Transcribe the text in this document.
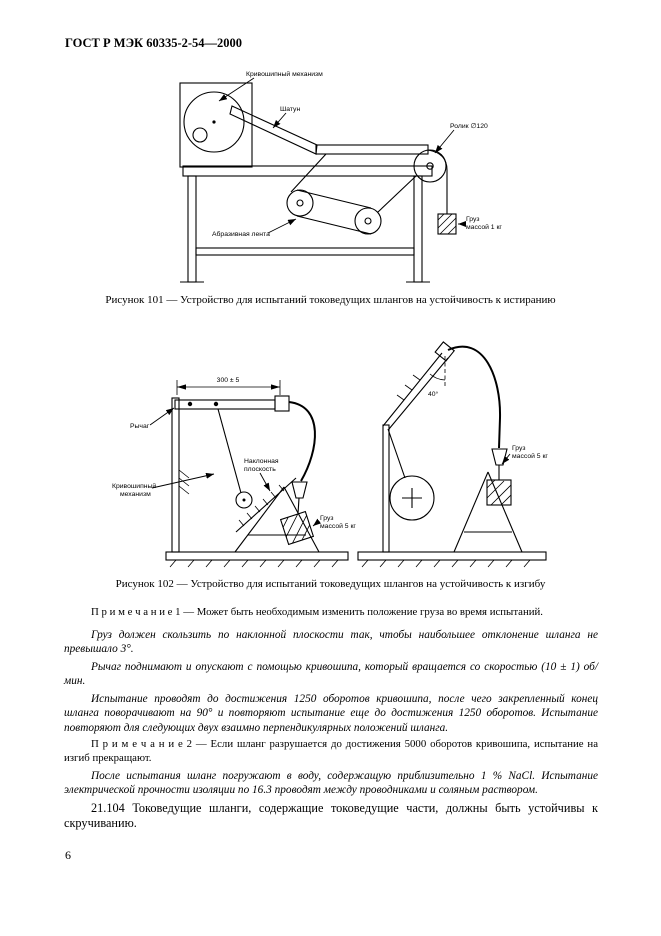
ГОСТ Р МЭК 60335-2-54—2000
Кривошипный механизм
Шатун
Ролик ∅120
Груз
массой 1 кг
Абразивная лента
Рисунок 101 — Устройство для испытаний токоведущих шлангов на устойчивость к истиранию
300 ± 5
Рычаг
Кривошипный
механизм
Наклонная
плоскость
Груз
массой 5 кг
40°
Груз
массой 5 кг
Рисунок 102 — Устройство для испытаний токоведущих шлангов на устойчивость к изгибу

П р и м е ч а н и е 1 — Может быть необходимым изменить положение груза во время испытаний.

Груз должен скользить по наклонной плоскости так, чтобы наибольшее отклонение шланга не превышало 3°.

Рычаг поднимают и опускают с помощью кривошипа, который вращается со скоростью (10 ± 1) об/мин.

Испытание проводят до достижения 1250 оборотов кривошипа, после чего закрепленный конец шланга поворачивают на 90° и повторяют испытание еще до достижения 1250 оборотов. Испытание повторяют для следующих двух взаимно перпендикулярных положений шланга.

П р и м е ч а н и е 2 — Если шланг разрушается до достижения 5000 оборотов кривошипа, испытание на изгиб прекращают.

После испытания шланг погружают в воду, содержащую приблизительно 1 % NaCl. Испытание электрической прочности изоляции по 16.3 проводят между проводниками и соляным раствором.

21.104 Токоведущие шланги, содержащие токоведущие части, должны быть устойчивы к скручиванию.

6
